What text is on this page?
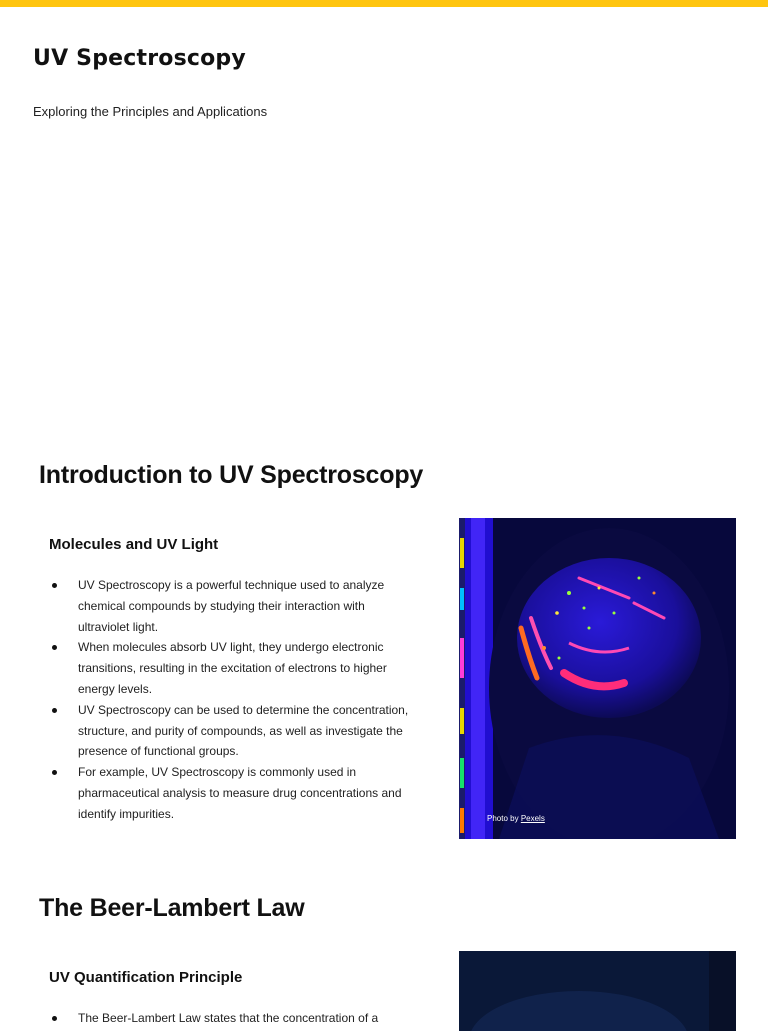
UV Spectroscopy

Exploring the Principles and Applications

Introduction to UV Spectroscopy
Molecules and UV Light
UV Spectroscopy is a powerful technique used to analyze chemical compounds by studying their interaction with ultraviolet light.
When molecules absorb UV light, they undergo electronic transitions, resulting in the excitation of electrons to higher energy levels.
UV Spectroscopy can be used to determine the concentration, structure, and purity of compounds, as well as investigate the presence of functional groups.
For example, UV Spectroscopy is commonly used in pharmaceutical analysis to measure drug concentrations and identify impurities.	Photo by Pexels
The Beer-Lambert Law
UV Quantification Principle
The Beer-Lambert Law states that the concentration of a
